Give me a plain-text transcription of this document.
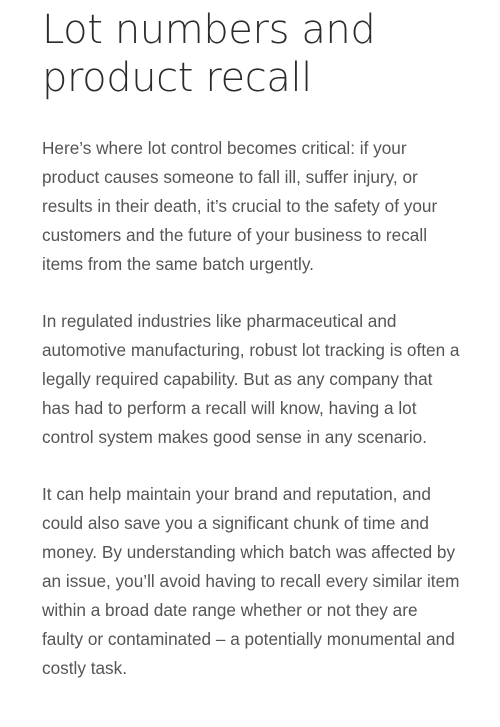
Lot numbers and product recall

Here’s where lot control becomes critical: if your product causes someone to fall ill, suffer injury, or results in their death, it’s crucial to the safety of your customers and the future of your business to recall items from the same batch urgently.

In regulated industries like pharmaceutical and automotive manufacturing, robust lot tracking is often a legally required capability. But as any company that has had to perform a recall will know, having a lot control system makes good sense in any scenario.

It can help maintain your brand and reputation, and could also save you a significant chunk of time and money. By understanding which batch was affected by an issue, you’ll avoid having to recall every similar item within a broad date range whether or not they are faulty or contaminated – a potentially monumental and costly task.
